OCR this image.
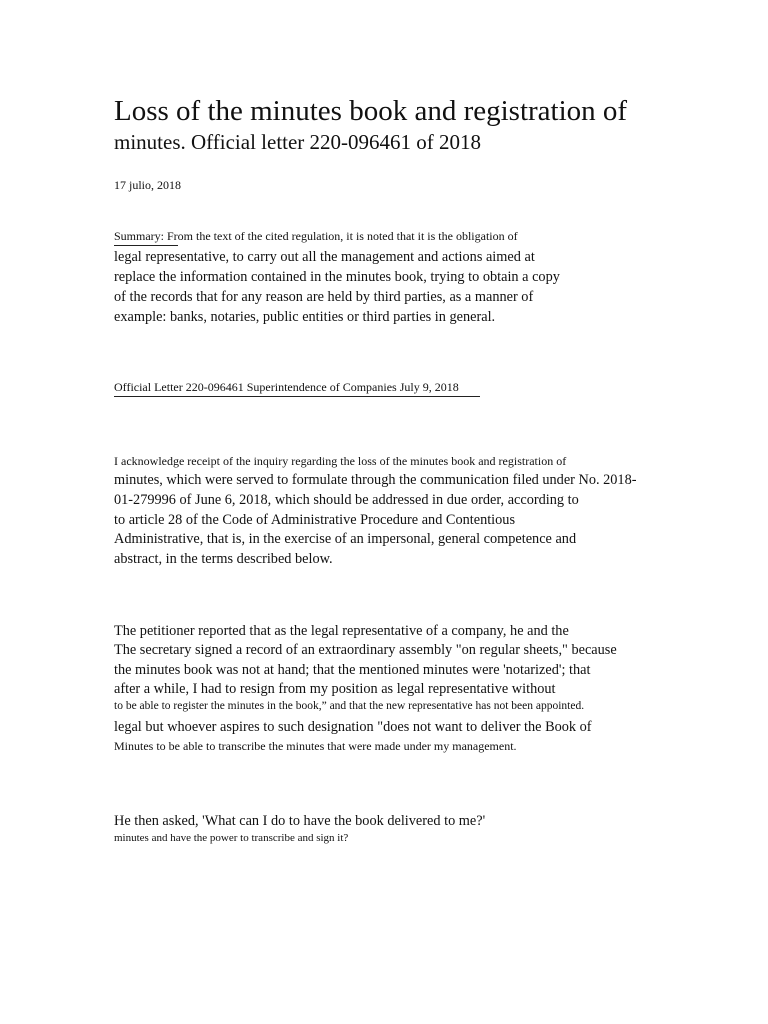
Loss of the minutes book and registration of
minutes. Official letter 220-096461 of 2018
17 julio, 2018
Summary: From the text of the cited regulation, it is noted that it is the obligation of
legal representative, to carry out all the management and actions aimed at
replace the information contained in the minutes book, trying to obtain a copy
of the records that for any reason are held by third parties, as a manner of
example: banks, notaries, public entities or third parties in general.
Official Letter 220-096461 Superintendence of Companies July 9, 2018
I acknowledge receipt of the inquiry regarding the loss of the minutes book and registration of
minutes, which were served to formulate through the communication filed under No. 2018-
01-279996 of June 6, 2018, which should be addressed in due order, according to
to article 28 of the Code of Administrative Procedure and Contentious
Administrative, that is, in the exercise of an impersonal, general competence and
abstract, in the terms described below.
The petitioner reported that as the legal representative of a company, he and the
The secretary signed a record of an extraordinary assembly "on regular sheets," because
the minutes book was not at hand; that the mentioned minutes were 'notarized'; that
after a while, I had to resign from my position as legal representative without
to be able to register the minutes in the book,” and that the new representative has not been appointed.
legal but whoever aspires to such designation "does not want to deliver the Book of
Minutes to be able to transcribe the minutes that were made under my management.
He then asked, 'What can I do to have the book delivered to me?'
minutes and have the power to transcribe and sign it?
